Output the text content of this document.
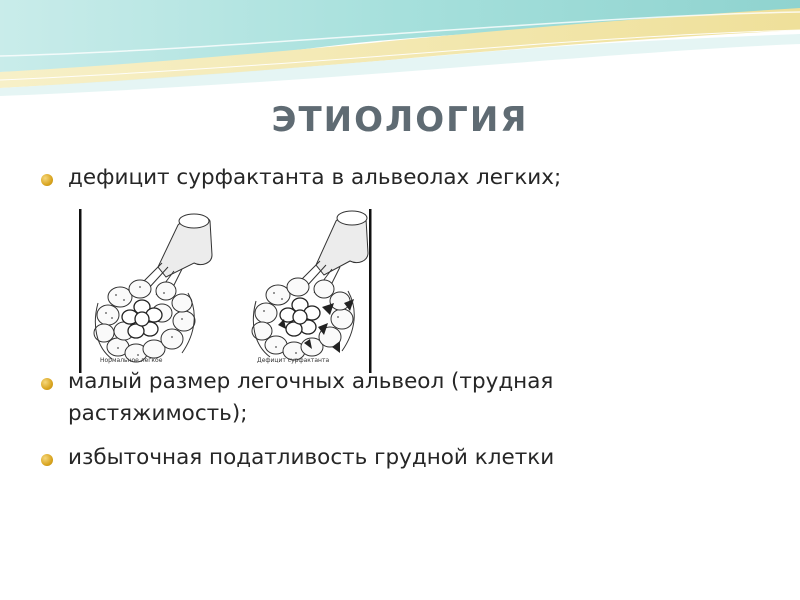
ЭТИОЛОГИЯ
дефицит сурфактанта в альвеолах легких;
Нормальное легкое	Дефицит сурфактанта
малый размер легочных альвеол (трудная
растяжимость);
избыточная податливость грудной клетки
